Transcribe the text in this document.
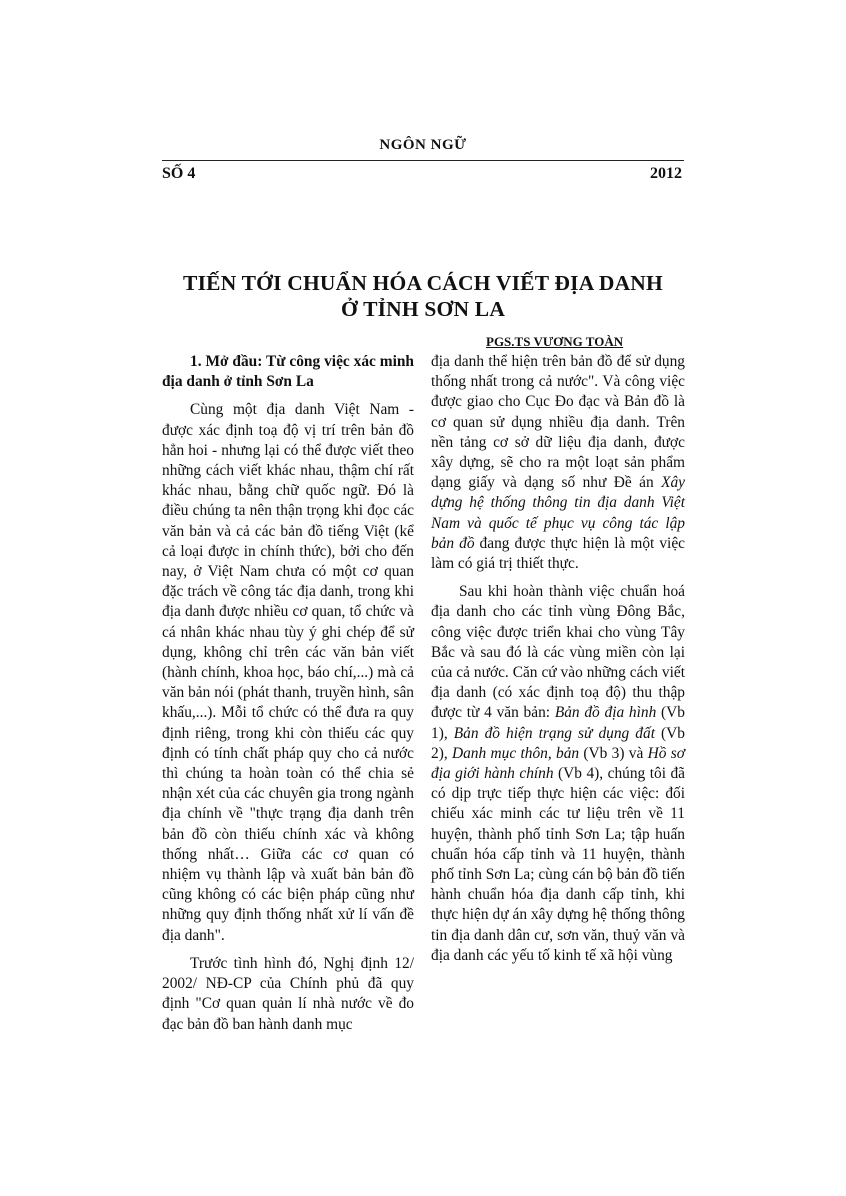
NGÔN NGỮ
SỐ 4	2012
TIẾN TỚI CHUẨN HÓA CÁCH VIẾT ĐỊA DANH
Ở TỈNH SƠN LA
PGS.TS VƯƠNG TOÀN

1. Mở đầu: Từ công việc xác minh địa danh ở tỉnh Sơn La

Cùng một địa danh Việt Nam - được xác định toạ độ vị trí trên bản đồ hẳn hoi - nhưng lại có thể được viết theo những cách viết khác nhau, thậm chí rất khác nhau, bằng chữ quốc ngữ. Đó là điều chúng ta nên thận trọng khi đọc các văn bản và cả các bản đồ tiếng Việt (kể cả loại được in chính thức), bởi cho đến nay, ở Việt Nam chưa có một cơ quan đặc trách về công tác địa danh, trong khi địa danh được nhiều cơ quan, tổ chức và cá nhân khác nhau tùy ý ghi chép để sử dụng, không chỉ trên các văn bản viết (hành chính, khoa học, báo chí,...) mà cả văn bản nói (phát thanh, truyền hình, sân khấu,...). Mỗi tổ chức có thể đưa ra quy định riêng, trong khi còn thiếu các quy định có tính chất pháp quy cho cả nước thì chúng ta hoàn toàn có thể chia sẻ nhận xét của các chuyên gia trong ngành địa chính về "thực trạng địa danh trên bản đồ còn thiếu chính xác và không thống nhất… Giữa các cơ quan có nhiệm vụ thành lập và xuất bản bản đồ cũng không có các biện pháp cũng như những quy định thống nhất xử lí vấn đề địa danh".

Trước tình hình đó, Nghị định 12/ 2002/ NĐ-CP của Chính phủ đã quy định "Cơ quan quản lí nhà nước về đo đạc bản đồ ban hành danh mục

địa danh thể hiện trên bản đồ để sử dụng thống nhất trong cả nước". Và công việc được giao cho Cục Đo đạc và Bản đồ là cơ quan sử dụng nhiều địa danh. Trên nền tảng cơ sở dữ liệu địa danh, được xây dựng, sẽ cho ra một loạt sản phẩm dạng giấy và dạng số như Đề án Xây dựng hệ thống thông tin địa danh Việt Nam và quốc tế phục vụ công tác lập bản đồ đang được thực hiện là một việc làm có giá trị thiết thực.

Sau khi hoàn thành việc chuẩn hoá địa danh cho các tỉnh vùng Đông Bắc, công việc được triển khai cho vùng Tây Bắc và sau đó là các vùng miền còn lại của cả nước. Căn cứ vào những cách viết địa danh (có xác định toạ độ) thu thập được từ 4 văn bản: Bản đồ địa hình (Vb 1), Bản đồ hiện trạng sử dụng đất (Vb 2), Danh mục thôn, bản (Vb 3) và Hồ sơ địa giới hành chính (Vb 4), chúng tôi đã có dịp trực tiếp thực hiện các việc: đối chiếu xác minh các tư liệu trên về 11 huyện, thành phố tỉnh Sơn La; tập huấn chuẩn hóa cấp tỉnh và 11 huyện, thành phố tỉnh Sơn La; cùng cán bộ bản đồ tiến hành chuẩn hóa địa danh cấp tỉnh, khi thực hiện dự án xây dựng hệ thống thông tin địa danh dân cư, sơn văn, thuỷ văn và địa danh các yếu tố kinh tế xã hội vùng
